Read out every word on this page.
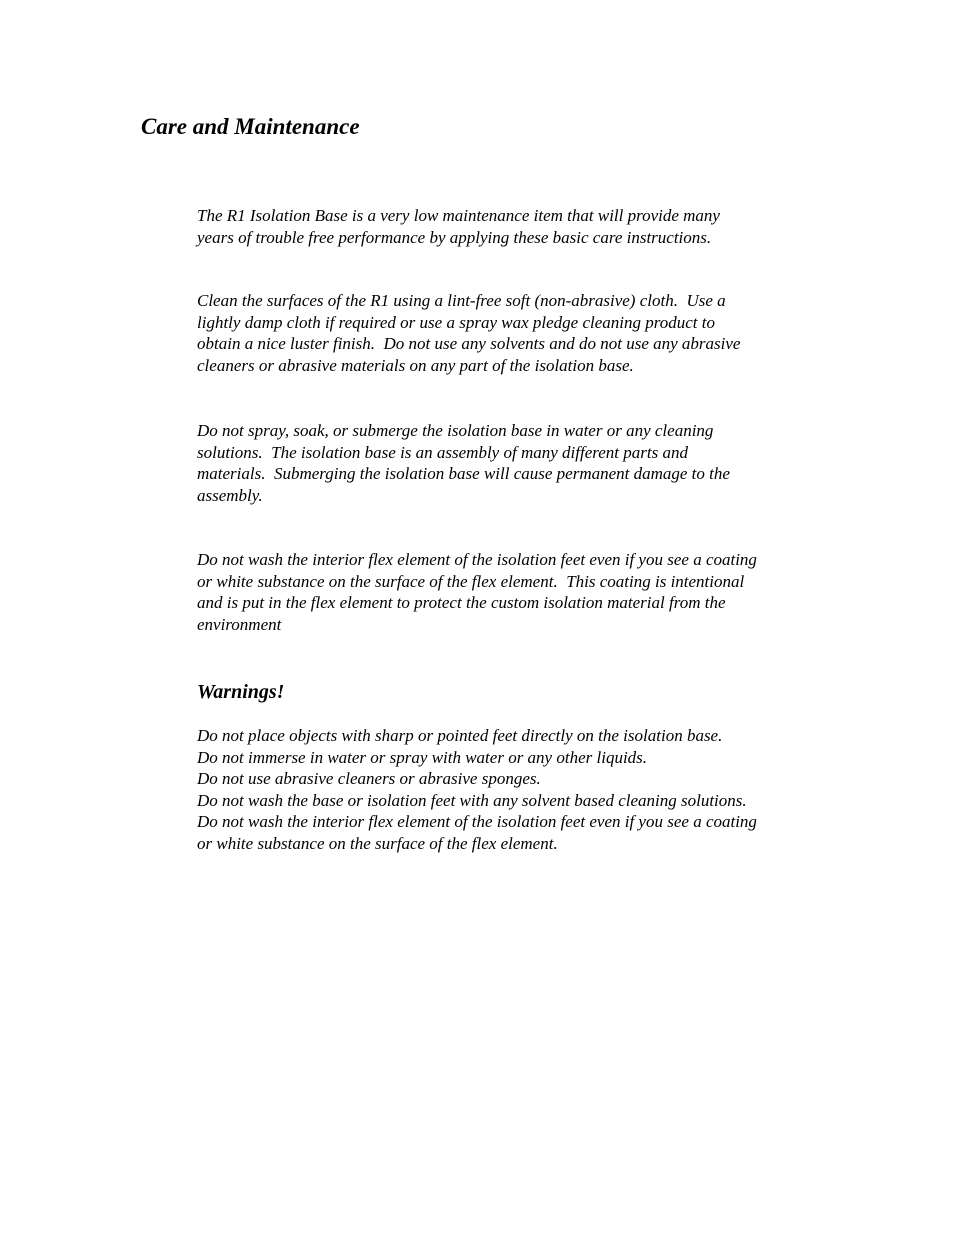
Care and Maintenance

The R1 Isolation Base is a very low maintenance item that will provide many
years of trouble free performance by applying these basic care instructions.

Clean the surfaces of the R1 using a lint-free soft (non-abrasive) cloth.  Use a
lightly damp cloth if required or use a spray wax pledge cleaning product to
obtain a nice luster finish.  Do not use any solvents and do not use any abrasive
cleaners or abrasive materials on any part of the isolation base.

Do not spray, soak, or submerge the isolation base in water or any cleaning
solutions.  The isolation base is an assembly of many different parts and
materials.  Submerging the isolation base will cause permanent damage to the
assembly.

Do not wash the interior flex element of the isolation feet even if you see a coating
or white substance on the surface of the flex element.  This coating is intentional
and is put in the flex element to protect the custom isolation material from the
environment

Warnings!
Do not place objects with sharp or pointed feet directly on the isolation base.
Do not immerse in water or spray with water or any other liquids.
Do not use abrasive cleaners or abrasive sponges.
Do not wash the base or isolation feet with any solvent based cleaning solutions.
Do not wash the interior flex element of the isolation feet even if you see a coating
or white substance on the surface of the flex element.
